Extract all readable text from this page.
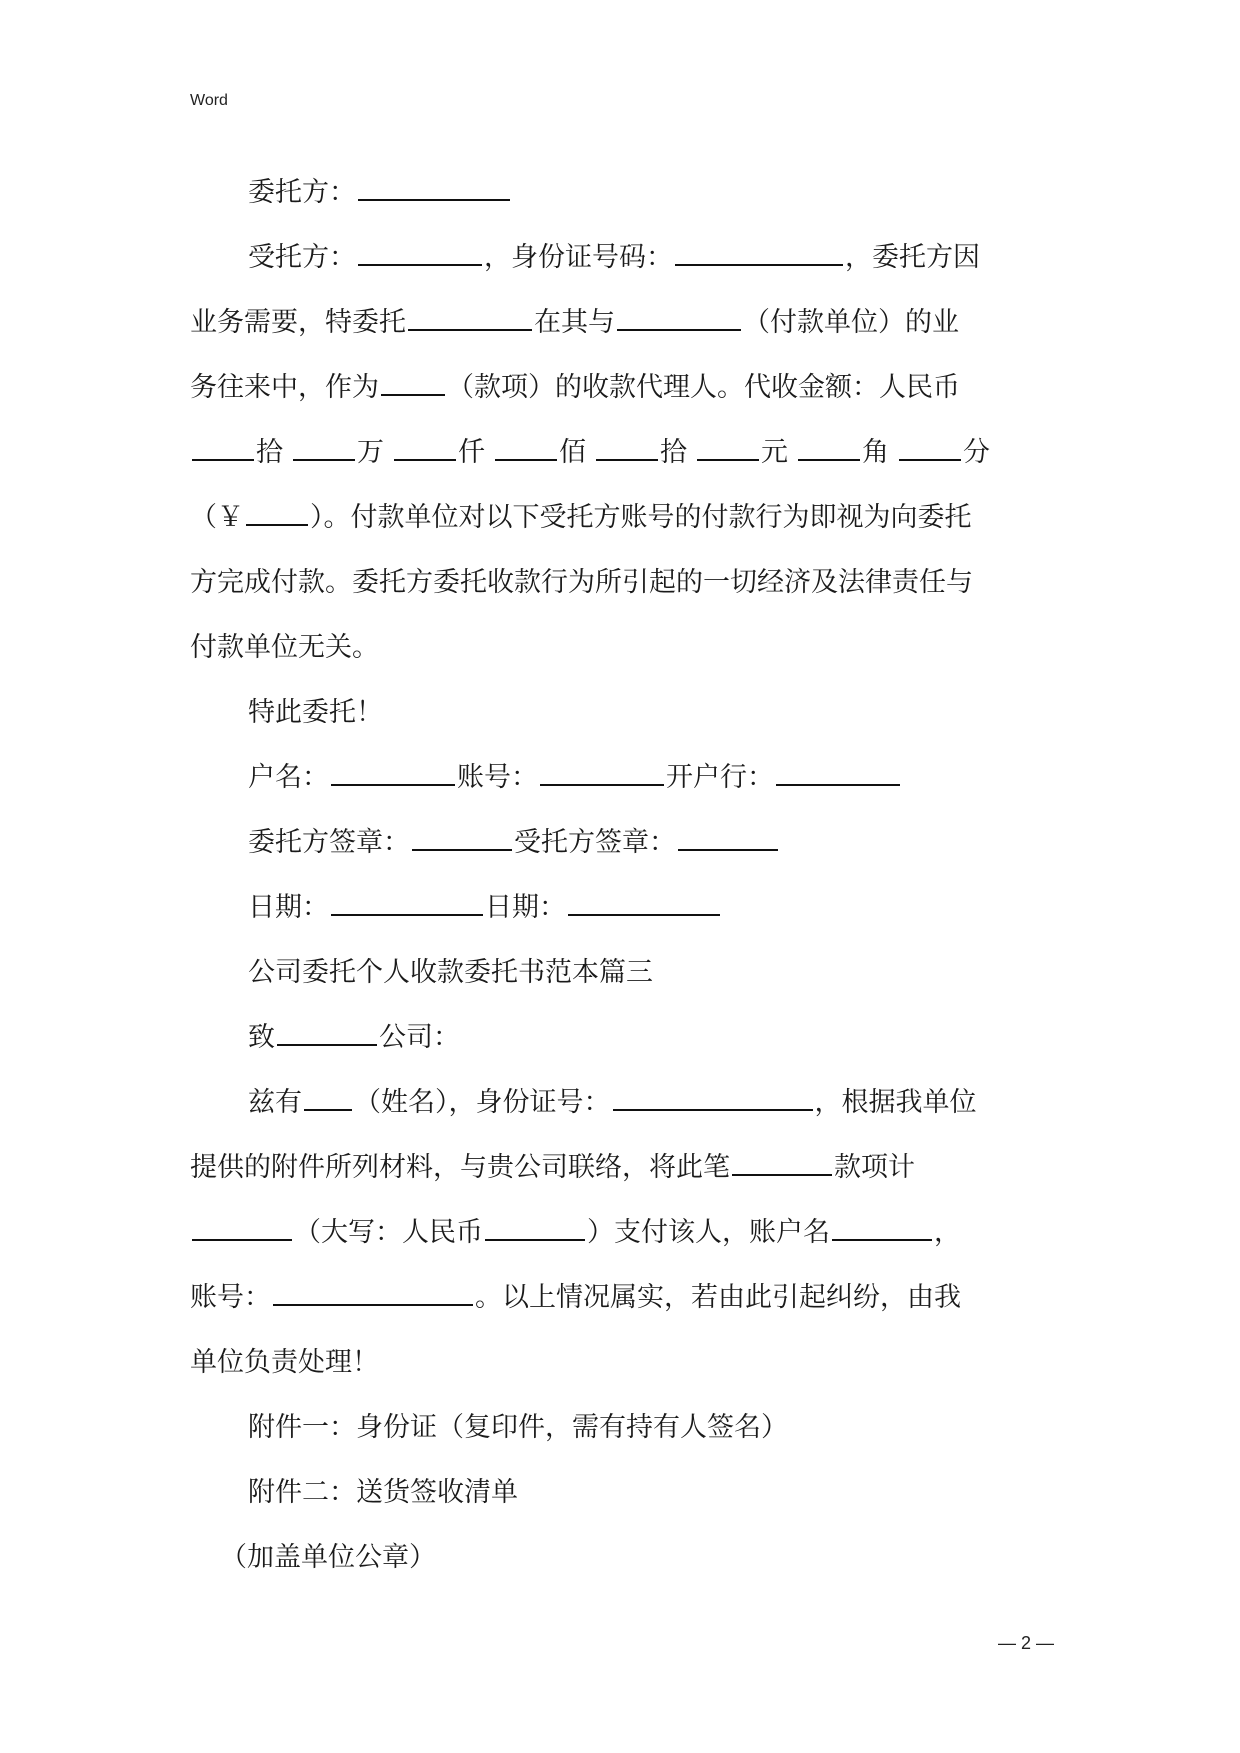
Word

委托方：

受托方：	，身份证号码：	，委托方因

业务需要，特委托	在其与	（付款单位）的业

务往来中，作为	（款项）的收款代理人。代收金额：人民币

拾	万	仟	佰	拾	元	角	分

（￥ ）。付款单位对以下受托方账号的付款行为即视为向委托

方完成付款。委托方委托收款行为所引起的一切经济及法律责任与

付款单位无关。

特此委托！

户名：	账号：	开户行：

委托方签章：	受托方签章：

日期：	日期：

公司委托个人收款委托书范本篇三

致	公司：

兹有 （姓名），身份证号：	，根据我单位

提供的附件所列材料，与贵公司联络，将此笔	款项计

（大写：人民币	）支付该人，账户名	，

账号：	。以上情况属实，若由此引起纠纷，由我

单位负责处理！

附件一：身份证（复印件，需有持有人签名）

附件二：送货签收清单

（加盖单位公章）

— 2 —
